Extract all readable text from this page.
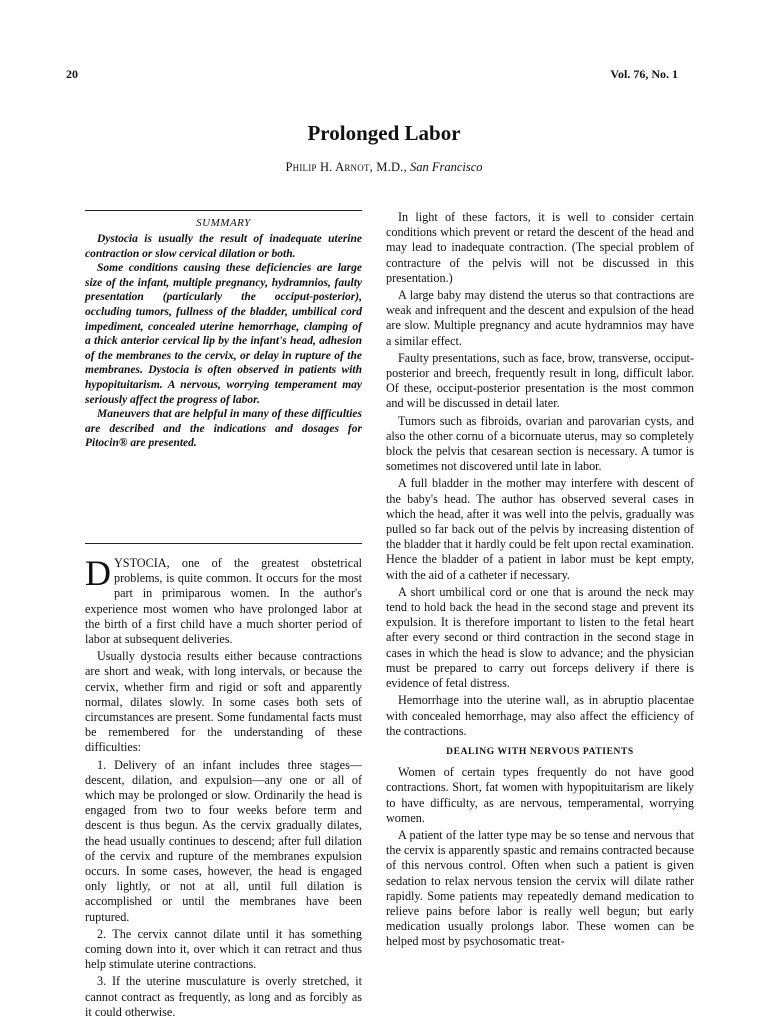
20	Vol. 76, No. 1
Prolonged Labor
Philip H. Arnot, M.D., San Francisco
SUMMARY

Dystocia is usually the result of inadequate uterine contraction or slow cervical dilation or both.

Some conditions causing these deficiencies are large size of the infant, multiple pregnancy, hydramnios, faulty presentation (particularly the occiput-posterior), occluding tumors, fullness of the bladder, umbilical cord impediment, concealed uterine hemorrhage, clamping of a thick anterior cervical lip by the infant's head, adhesion of the membranes to the cervix, or delay in rupture of the membranes. Dystocia is often observed in patients with hypopituitarism. A nervous, worrying temperament may seriously affect the progress of labor.

Maneuvers that are helpful in many of these difficulties are described and the indications and dosages for Pitocin® are presented.

DYSTOCIA, one of the greatest obstetrical problems, is quite common. It occurs for the most part in primiparous women. In the author's experience most women who have prolonged labor at the birth of a first child have a much shorter period of labor at subsequent deliveries.

Usually dystocia results either because contractions are short and weak, with long intervals, or because the cervix, whether firm and rigid or soft and apparently normal, dilates slowly. In some cases both sets of circumstances are present. Some fundamental facts must be remembered for the understanding of these difficulties:

1. Delivery of an infant includes three stages—descent, dilation, and expulsion—any one or all of which may be prolonged or slow. Ordinarily the head is engaged from two to four weeks before term and descent is thus begun. As the cervix gradually dilates, the head usually continues to descend; after full dilation of the cervix and rupture of the membranes expulsion occurs. In some cases, however, the head is engaged only lightly, or not at all, until full dilation is accomplished or until the membranes have been ruptured.

2. The cervix cannot dilate until it has something coming down into it, over which it can retract and thus help stimulate uterine contractions.

3. If the uterine musculature is overly stretched, it cannot contract as frequently, as long and as forcibly as it could otherwise.

In light of these factors, it is well to consider certain conditions which prevent or retard the descent of the head and may lead to inadequate contraction. (The special problem of contracture of the pelvis will not be discussed in this presentation.)

A large baby may distend the uterus so that contractions are weak and infrequent and the descent and expulsion of the head are slow. Multiple pregnancy and acute hydramnios may have a similar effect.

Faulty presentations, such as face, brow, transverse, occiput-posterior and breech, frequently result in long, difficult labor. Of these, occiput-posterior presentation is the most common and will be discussed in detail later.

Tumors such as fibroids, ovarian and parovarian cysts, and also the other cornu of a bicornuate uterus, may so completely block the pelvis that cesarean section is necessary. A tumor is sometimes not discovered until late in labor.

A full bladder in the mother may interfere with descent of the baby's head. The author has observed several cases in which the head, after it was well into the pelvis, gradually was pulled so far back out of the pelvis by increasing distention of the bladder that it hardly could be felt upon rectal examination. Hence the bladder of a patient in labor must be kept empty, with the aid of a catheter if necessary.

A short umbilical cord or one that is around the neck may tend to hold back the head in the second stage and prevent its expulsion. It is therefore important to listen to the fetal heart after every second or third contraction in the second stage in cases in which the head is slow to advance; and the physician must be prepared to carry out forceps delivery if there is evidence of fetal distress.

Hemorrhage into the uterine wall, as in abruptio placentae with concealed hemorrhage, may also affect the efficiency of the contractions.

DEALING WITH NERVOUS PATIENTS

Women of certain types frequently do not have good contractions. Short, fat women with hypopituitarism are likely to have difficulty, as are nervous, temperamental, worrying women.

A patient of the latter type may be so tense and nervous that the cervix is apparently spastic and remains contracted because of this nervous control. Often when such a patient is given sedation to relax nervous tension the cervix will dilate rather rapidly. Some patients may repeatedly demand medication to relieve pains before labor is really well begun; but early medication usually prolongs labor. These women can be helped most by psychosomatic treat-
